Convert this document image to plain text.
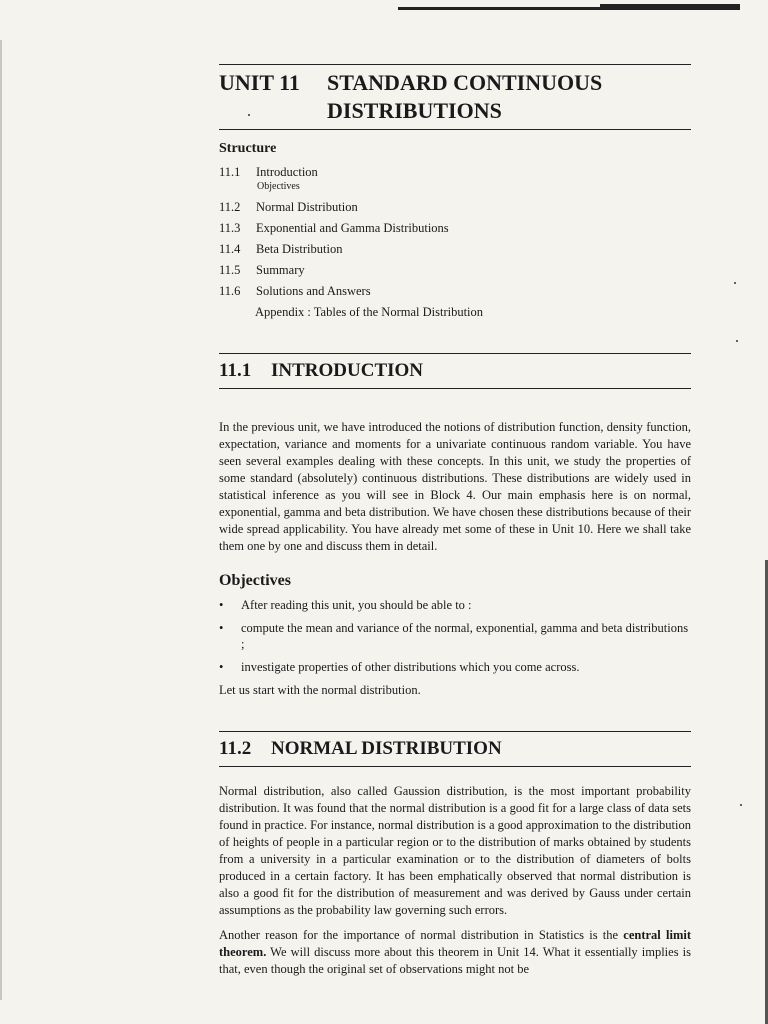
UNIT 11	STANDARD CONTINUOUS
DISTRIBUTIONS
Structure
11.1	Introduction
Objectives
11.2	Normal Distribution
11.3	Exponential and Gamma Distributions
11.4	Beta Distribution
11.5	Summary
11.6	Solutions and Answers
Appendix : Tables of the Normal Distribution
11.1	INTRODUCTION

In the previous unit, we have introduced the notions of distribution function, density function, expectation, variance and moments for a univariate continuous random variable. You have seen several examples dealing with these concepts. In this unit, we study the properties of some standard (absolutely) continuous distributions. These distributions are widely used in statistical inference as you will see in Block 4. Our main emphasis here is on normal, exponential, gamma and beta distribution. We have chosen these distributions because of their wide spread applicability. You have already met some of these in Unit 10. Here we shall take them one by one and discuss them in detail.

Objectives
• After reading this unit, you should be able to :
• compute the mean and variance of the normal, exponential, gamma and beta distributions ;
• investigate properties of other distributions which you come across.

Let us start with the normal distribution.

11.2	NORMAL DISTRIBUTION

Normal distribution, also called Gaussion distribution, is the most important probability distribution. It was found that the normal distribution is a good fit for a large class of data sets found in practice. For instance, normal distribution is a good approximation to the distribution of heights of people in a particular region or to the distribution of marks obtained by students from a university in a particular examination or to the distribution of diameters of bolts produced in a certain factory. It has been emphatically observed that normal distribution is also a good fit for the distribution of measurement and was derived by Gauss under certain assumptions as the probability law governing such errors.

Another reason for the importance of normal distribution in Statistics is the central limit theorem. We will discuss more about this theorem in Unit 14. What it essentially implies is that, even though the original set of observations might not be
